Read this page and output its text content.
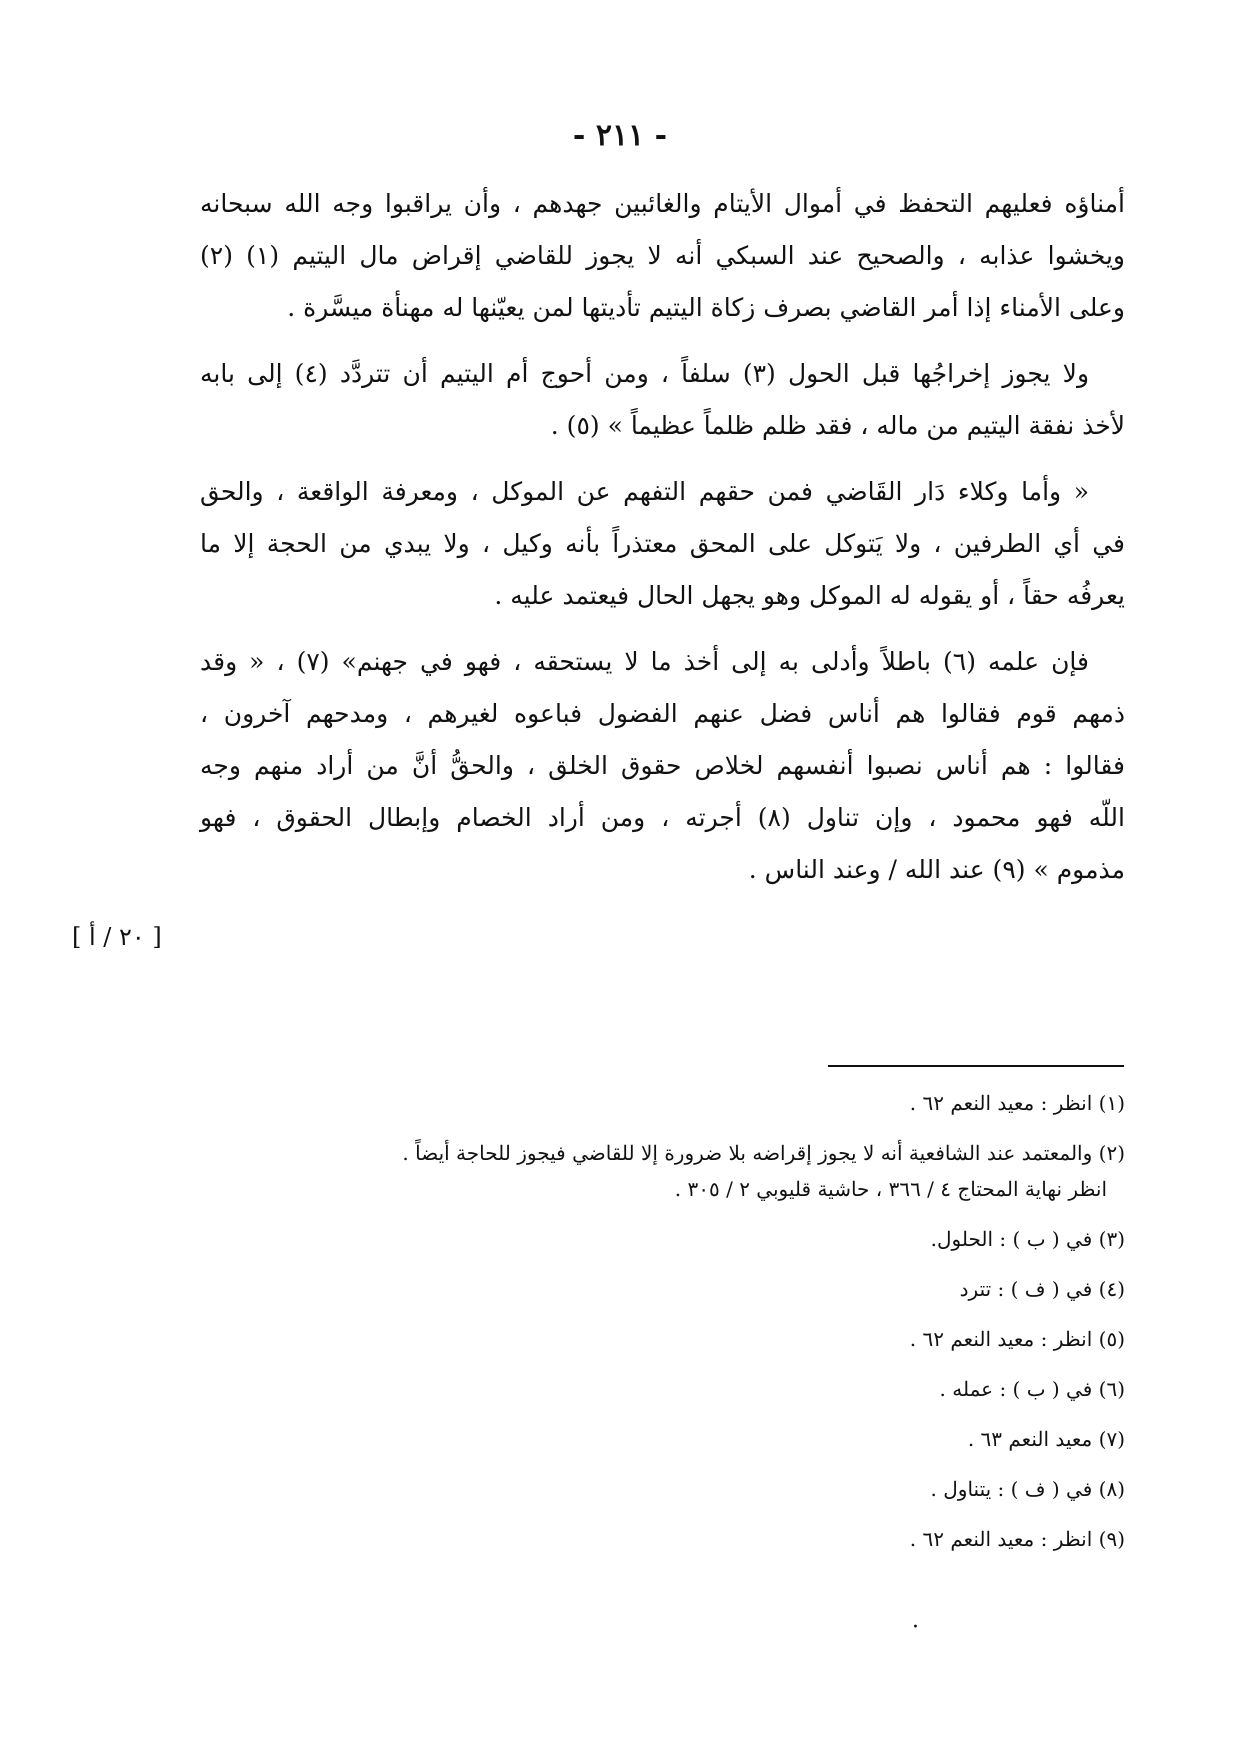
- ٢١١ -
أمناؤه فعليهم التحفظ في أموال الأيتام والغائبين جهدهم ، وأن يراقبوا وجه الله سبحانه
ويخشوا عذابه ، والصحيح عند السبكي أنه لا يجوز للقاضي إقراض مال اليتيم (١) (٢)
وعلى الأمناء إذا أمر القاضي بصرف زكاة اليتيم تأديتها لمن يعيّنها له مهنأة ميسَّرة .
ولا يجوز إخراجُها قبل الحول (٣) سلفاً ، ومن أحوج أم اليتيم أن تتردَّد (٤) إلى بابه
لأخذ نفقة اليتيم من ماله ، فقد ظلم ظلماً عظيماً » (٥) .
« وأما وكلاء دَار القَاضي فمن حقهم التفهم عن الموكل ، ومعرفة الواقعة ، والحق
في أي الطرفين ، ولا يَتوكل على المحق معتذراً بأنه وكيل ، ولا يبدي من الحجة إلا ما
يعرفُه حقاً ، أو يقوله له الموكل وهو يجهل الحال فيعتمد عليه .
فإن علمه (٦) باطلاً وأدلى به إلى أخذ ما لا يستحقه ، فهو في جهنم» (٧) ، « وقد
ذمهم قوم فقالوا هم أناس فضل عنهم الفضول فباعوه لغيرهم ، ومدحهم آخرون ،
فقالوا : هم أناس نصبوا أنفسهم لخلاص حقوق الخلق ، والحقُّ أنَّ من أراد منهم وجه
اللّه فهو محمود ، وإن تناول (٨) أجرته ، ومن أراد الخصام وإبطال الحقوق ، فهو
مذموم » (٩) عند الله / وعند الناس .
[ ٢٠ / أ ]
(١) انظر : معيد النعم ٦٢ .
(٢) والمعتمد عند الشافعية أنه لا يجوز إقراضه بلا ضرورة إلا للقاضي فيجوز للحاجة أيضاً .
انظر نهاية المحتاج ٤ / ٣٦٦ ، حاشية قليوبي ٢ / ٣٠٥ .
(٣) في ( ب ) : الحلول.
(٤) في ( ف ) : تترد
(٥) انظر : معيد النعم ٦٢ .
(٦) في ( ب ) : عمله .
(٧) معيد النعم ٦٣ .
(٨) في ( ف ) : يتناول .
(٩) انظر : معيد النعم ٦٢ .
·
